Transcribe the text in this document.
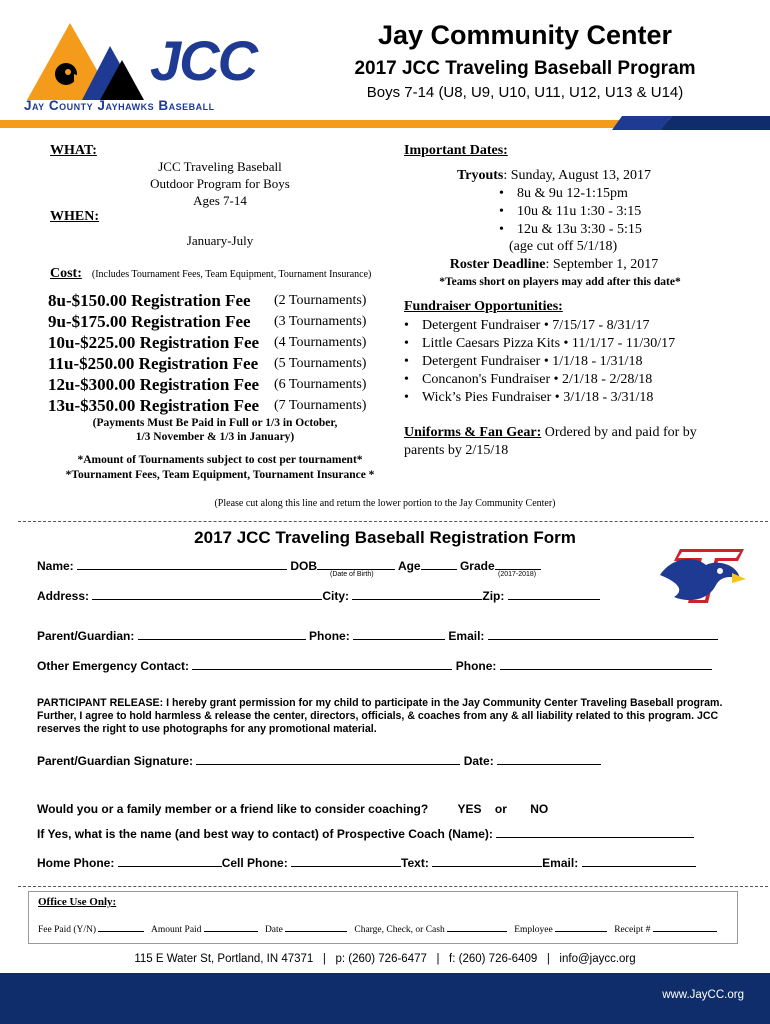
JCC
Jay County Jayhawks Baseball
Jay Community Center
2017 JCC Traveling Baseball Program
Boys 7-14 (U8, U9, U10, U11, U12, U13 & U14)
WHAT:
JCC Traveling Baseball
Outdoor Program for Boys
Ages 7-14
WHEN:
January-July
Cost: (Includes Tournament Fees, Team Equipment, Tournament Insurance)
8u-$150.00 Registration Fee (2 Tournaments)
9u-$175.00 Registration Fee (3 Tournaments)
10u-$225.00 Registration Fee (4 Tournaments)
11u-$250.00 Registration Fee (5 Tournaments)
12u-$300.00 Registration Fee (6 Tournaments)
13u-$350.00 Registration Fee (7 Tournaments)
(Payments Must Be Paid in Full or 1/3 in October,
1/3 November & 1/3 in January)
*Amount of Tournaments subject to cost per tournament*
*Tournament Fees, Team Equipment, Tournament Insurance *
Important Dates:
Tryouts: Sunday, August 13, 2017
• 8u & 9u 12-1:15pm
• 10u & 11u 1:30 - 3:15
• 12u & 13u 3:30 - 5:15
(age cut off 5/1/18)
Roster Deadline: September 1, 2017
*Teams short on players may add after this date*
Fundraiser Opportunities:
• Detergent Fundraiser • 7/15/17 - 8/31/17
• Little Caesars Pizza Kits • 11/1/17 - 11/30/17
• Detergent Fundraiser • 1/1/18 - 1/31/18
• Concanon's Fundraiser • 2/1/18 - 2/28/18
• Wick’s Pies Fundraiser • 3/1/18 - 3/31/18
Uniforms & Fan Gear: Ordered by and paid for by
parents by 2/15/18
(Please cut along this line and return the lower portion to the Jay Community Center)
2017 JCC Traveling Baseball Registration Form
Name:	DOB	Age	Grade
(Date of Birth)	(2017-2018)
Address:	City:	Zip:
Parent/Guardian:	Phone:	Email:
Other Emergency Contact:	Phone:
PARTICIPANT RELEASE: I hereby grant permission for my child to participate in the Jay Community Center Traveling Baseball program. Further, I agree to hold harmless & release the center, directors, officials, & coaches from any & all liability related to this program. JCC reserves the right to use photographs for any promotional material.
Parent/Guardian Signature:	Date:
Would you or a family member or a friend like to consider coaching? YES or NO
If Yes, what is the name (and best way to contact) of Prospective Coach (Name):
Home Phone:	Cell Phone:	Text:	Email:
Office Use Only:
Fee Paid (Y/N)	Amount Paid	Date	Charge, Check, or Cash	Employee	Receipt #
115 E Water St, Portland, IN 47371   |   p: (260) 726-6477   |   f: (260) 726-6409   |   info@jaycc.org
www.JayCC.org
